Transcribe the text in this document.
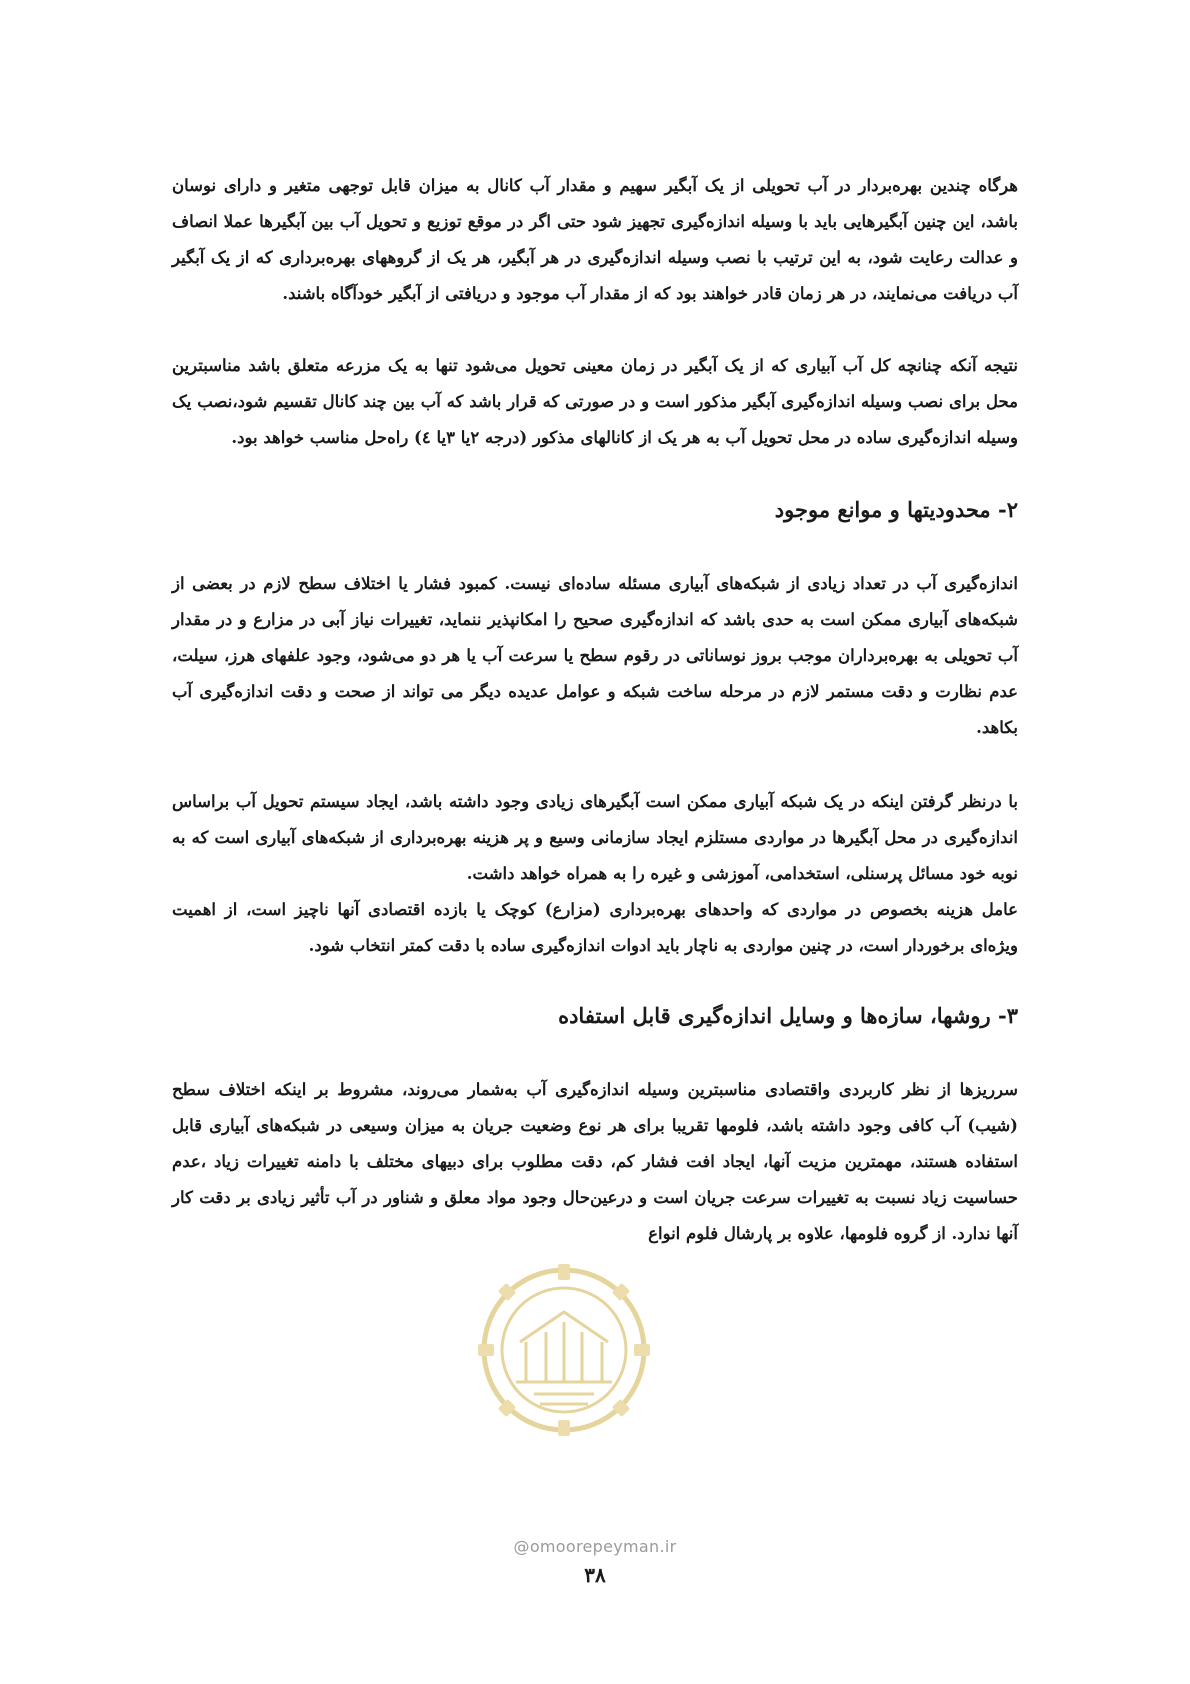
هرگاه چندین بهره‌بردار در آب تحویلی از یک آبگیر سهیم و مقدار آب کانال به میزان قابل توجهی متغیر و دارای نوسان باشد، این چنین آبگیرهایی باید با وسیله اندازه‌گیری تجهیز شود حتی اگر در موقع توزیع و تحویل آب بین آبگیرها عملا انصاف و عدالت رعایت شود، به این ترتیب با نصب وسیله اندازه‌گیری در هر آبگیر، هر یک از گروههای بهره‌برداری که از یک آبگیر آب دریافت می‌نمایند، در هر زمان قادر خواهند بود که از مقدار آب موجود و دریافتی از آبگیر خودآگاه باشند.

نتیجه آنکه چنانچه کل آب آبیاری که از یک آبگیر در زمان معینی تحویل می‌شود تنها به یک مزرعه متعلق باشد مناسبترین محل برای نصب وسیله اندازه‌گیری آبگیر مذکور است و در صورتی که قرار باشد که آب بین چند کانال تقسیم شود،نصب یک وسیله اندازه‌گیری ساده در محل تحویل آب به هر یک از کانالهای مذکور (درجه ۲یا ۳یا ٤) راه‌حل مناسب خواهد بود.

۲- محدودیتها و موانع موجود

اندازه‌گیری آب در تعداد زیادی از شبکه‌های آبیاری مسئله ساده‌ای نیست. کمبود فشار یا اختلاف سطح لازم در بعضی از شبکه‌های آبیاری ممکن است به حدی باشد که اندازه‌گیری صحیح را امکانپذیر ننماید، تغییرات نیاز آبی در مزارع و در مقدار آب تحویلی به بهره‌برداران موجب بروز نوساناتی در رقوم سطح یا سرعت آب یا هر دو می‌شود، وجود علفهای هرز، سیلت، عدم نظارت و دقت مستمر لازم در مرحله ساخت شبکه و عوامل عدیده دیگر می تواند از صحت و دقت اندازه‌گیری آب بکاهد.

با درنظر گرفتن اینکه در یک شبکه آبیاری ممکن است آبگیرهای زیادی وجود داشته باشد، ایجاد سیستم تحویل آب براساس اندازه‌گیری در محل آبگیرها در مواردی مستلزم ایجاد سازمانی وسیع و پر هزینه بهره‌برداری از شبکه‌های آبیاری است که به نوبه خود مسائل پرسنلی، استخدامی، آموزشی و غیره را به همراه خواهد داشت.

عامل هزینه بخصوص در مواردی که واحدهای بهره‌برداری (مزارع) کوچک یا بازده اقتصادی آنها ناچیز است، از اهمیت ویژه‌ای برخوردار است، در چنین مواردی به ناچار باید ادوات اندازه‌گیری ساده با دقت کمتر انتخاب شود.

۳- روشها، سازه‌ها و وسایل اندازه‌گیری قابل استفاده

سرریزها از نظر کاربردی واقتصادی مناسبترین وسیله اندازه‌گیری آب به‌شمار می‌روند، مشروط بر اینکه اختلاف سطح (شیب) آب کافی وجود داشته باشد، فلومها تقریبا برای هر نوع وضعیت جریان به میزان وسیعی در شبکه‌های آبیاری قابل استفاده هستند، مهمترین مزیت آنها، ایجاد افت فشار کم، دقت مطلوب برای دبیهای مختلف با دامنه تغییرات زیاد ،عدم حساسیت زیاد نسبت به تغییرات سرعت جریان است و درعین‌حال وجود مواد معلق و شناور در آب تأثیر زیادی بر دقت کار آنها ندارد. از گروه فلومها، علاوه بر پارشال فلوم انواع

@omoorepeyman.ir
۳۸
